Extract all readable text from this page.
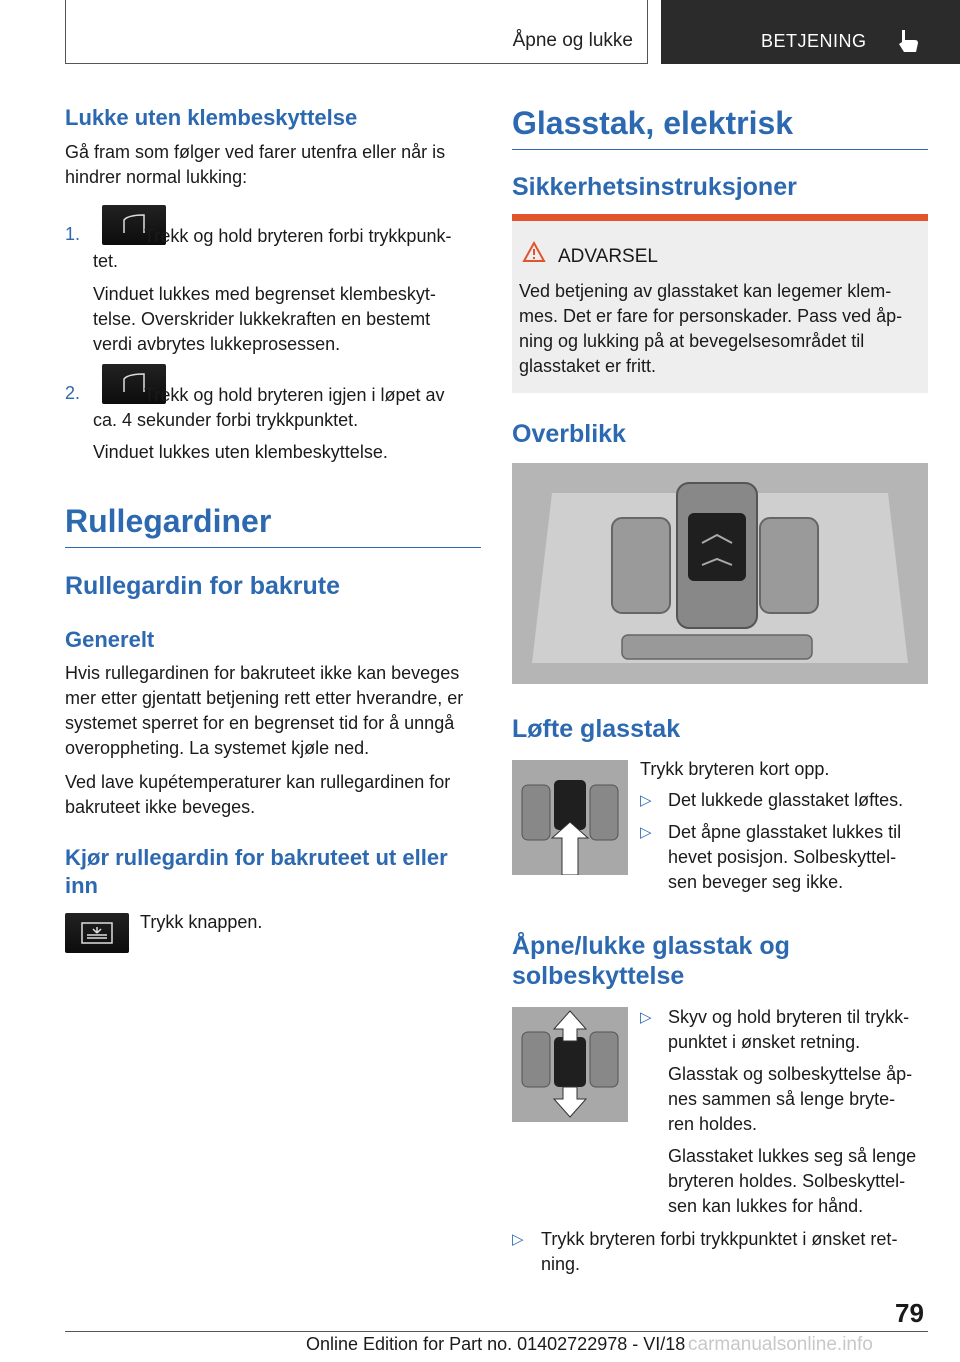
Åpne og lukke	BETJENING
Lukke uten klembeskyttelse

Gå fram som følger ved farer utenfra eller når is hindrer normal lukking:

1.	Trekk og hold bryteren forbi trykkpunk-

tet.

Vinduet lukkes med begrenset klembeskyt-

telse. Overskrider lukkekraften en bestemt

verdi avbrytes lukkeprosessen.

2.	Trekk og hold bryteren igjen i løpet av

ca. 4 sekunder forbi trykkpunktet.

Vinduet lukkes uten klembeskyttelse.

Rullegardiner
Rullegardin for bakrute
Generelt

Hvis rullegardinen for bakruteet ikke kan beveges mer etter gjentatt betjening rett etter hverandre, er systemet sperret for en begrenset tid for å unngå overoppheting. La systemet kjøle ned.

Ved lave kupétemperaturer kan rullegardinen for bakruteet ikke beveges.

Kjør rullegardin for bakruteet ut eller inn

Trykk knappen.

Glasstak, elektrisk
Sikkerhetsinstruksjoner
ADVARSEL

Ved betjening av glasstaket kan legemer klem-mes. Det er fare for personskader. Pass ved åp-ning og lukking på at bevegelsesområdet til glasstaket er fritt.

Overblikk
Løfte glasstak

Trykk bryteren kort opp.

▷ Det lukkede glasstaket løftes.

▷ Det åpne glasstaket lukkes til

hevet posisjon. Solbeskyttel-

sen beveger seg ikke.

Åpne/lukke glasstak og
solbeskyttelse
▷ Skyv og hold bryteren til trykk-

punktet i ønsket retning.

Glasstak og solbeskyttelse åp-

nes sammen så lenge bryte-

ren holdes.

Glasstaket lukkes seg så lenge

bryteren holdes. Solbeskyttel-

sen kan lukkes for hånd.

▷ Trykk bryteren forbi trykkpunktet i ønsket ret-

ning.

79
Online Edition for Part no. 01402722978 - VI/18 carmanualsonline.info
